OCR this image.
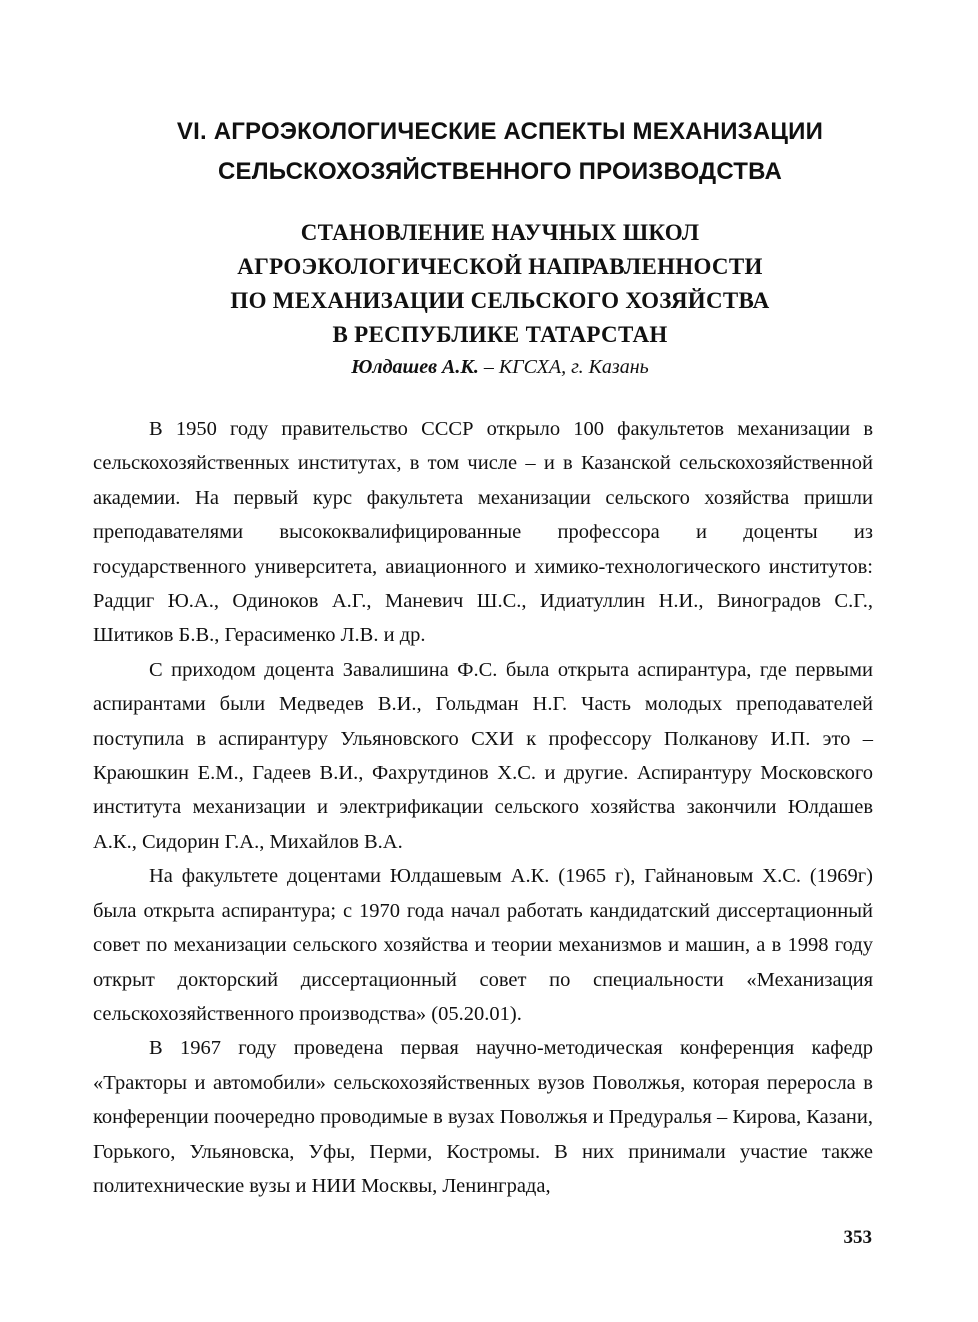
VI. АГРОЭКОЛОГИЧЕСКИЕ АСПЕКТЫ МЕХАНИЗАЦИИ
СЕЛЬСКОХОЗЯЙСТВЕННОГО ПРОИЗВОДСТВА
СТАНОВЛЕНИЕ НАУЧНЫХ ШКОЛ
АГРОЭКОЛОГИЧЕСКОЙ НАПРАВЛЕННОСТИ
ПО МЕХАНИЗАЦИИ СЕЛЬСКОГО ХОЗЯЙСТВА
В РЕСПУБЛИКЕ ТАТАРСТАН
Юлдашев А.К. – КГСХА, г. Казань

В 1950 году правительство СССР открыло 100 факультетов механизации в сельскохозяйственных институтах, в том числе – и в Казанской сельскохозяйственной академии. На первый курс факультета механизации сельского хозяйства пришли преподавателями высококвалифицированные профессора и доценты из государственного университета, авиационного и химико-технологического институтов: Радциг Ю.А., Одиноков А.Г., Маневич Ш.С., Идиатуллин Н.И., Виноградов С.Г., Шитиков Б.В., Герасименко Л.В. и др.

С приходом доцента Завалишина Ф.С. была открыта аспирантура, где первыми аспирантами были Медведев В.И., Гольдман Н.Г. Часть молодых преподавателей поступила в аспирантуру Ульяновского СХИ к профессору Полканову И.П. это – Краюшкин Е.М., Гадеев В.И., Фахрутдинов Х.С. и другие. Аспирантуру Московского института механизации и электрификации сельского хозяйства закончили Юлдашев А.К., Сидорин Г.А., Михайлов В.А.

На факультете доцентами Юлдашевым А.К. (1965 г), Гайнановым Х.С. (1969г) была открыта аспирантура; с 1970 года начал работать кандидатский диссертационный совет по механизации сельского хозяйства и теории механизмов и машин, а в 1998 году открыт докторский диссертационный совет по специальности «Механизация сельскохозяйственного производства» (05.20.01).

В 1967 году проведена первая научно-методическая конференция кафедр «Тракторы и автомобили» сельскохозяйственных вузов Поволжья, которая переросла в конференции поочередно проводимые в вузах Поволжья и Предуралья – Кирова, Казани, Горького, Ульяновска, Уфы, Перми, Костромы. В них принимали участие также политехнические вузы и НИИ Москвы, Ленинграда,

353
